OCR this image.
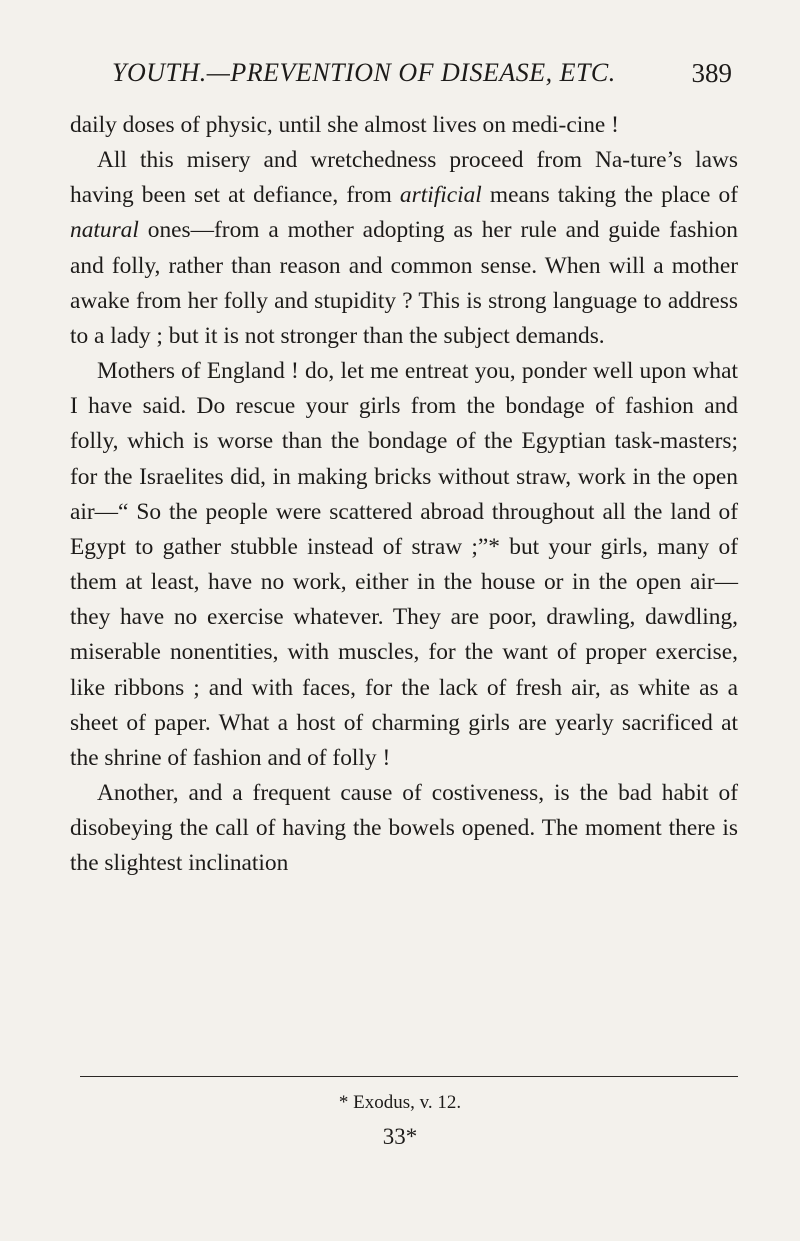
YOUTH.—PREVENTION OF DISEASE, ETC.	389

daily doses of physic, until she almost lives on medi-cine !

All this misery and wretchedness proceed from Na-ture’s laws having been set at defiance, from artificial means taking the place of natural ones—from a mother adopting as her rule and guide fashion and folly, rather than reason and common sense. When will a mother awake from her folly and stupidity ? This is strong language to address to a lady ; but it is not stronger than the subject demands.

Mothers of England ! do, let me entreat you, ponder well upon what I have said. Do rescue your girls from the bondage of fashion and folly, which is worse than the bondage of the Egyptian task-masters; for the Israelites did, in making bricks without straw, work in the open air—“ So the people were scattered abroad throughout all the land of Egypt to gather stubble instead of straw ;”* but your girls, many of them at least, have no work, either in the house or in the open air—they have no exercise whatever. They are poor, drawling, dawdling, miserable nonentities, with muscles, for the want of proper exercise, like ribbons ; and with faces, for the lack of fresh air, as white as a sheet of paper. What a host of charming girls are yearly sacrificed at the shrine of fashion and of folly !

Another, and a frequent cause of costiveness, is the bad habit of disobeying the call of having the bowels opened. The moment there is the slightest inclination

* Exodus, v. 12.
33*
